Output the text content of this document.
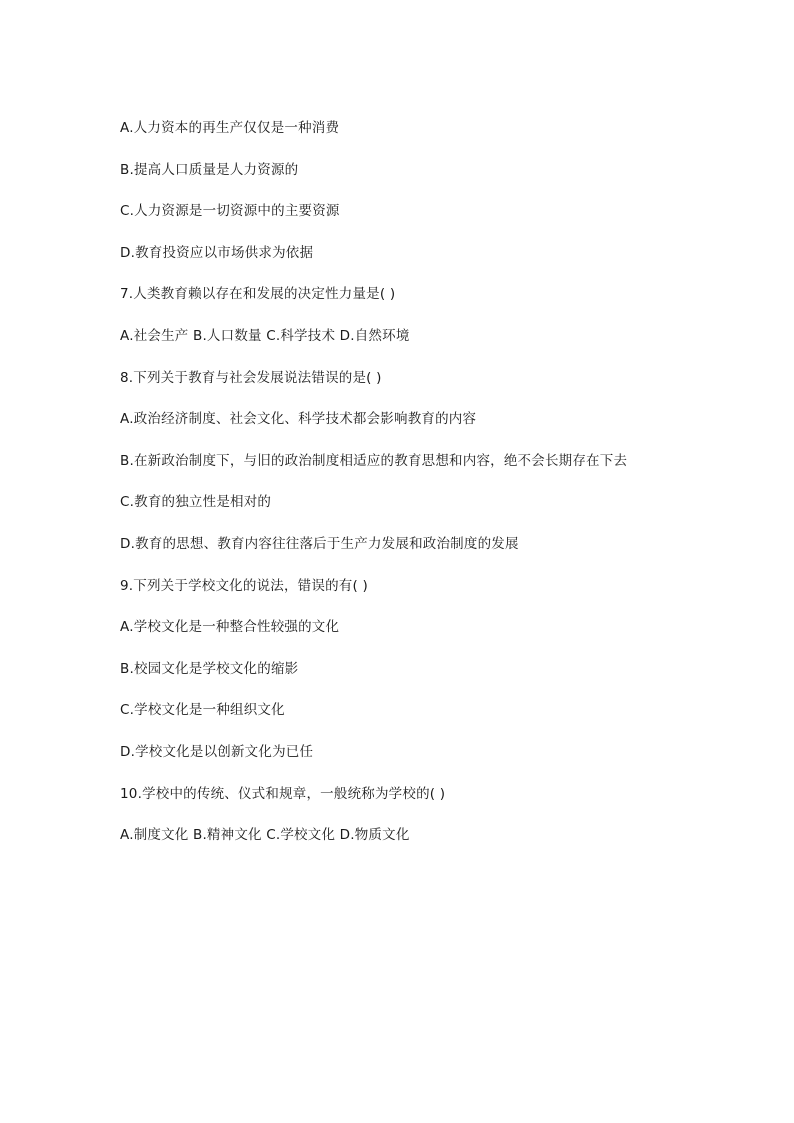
A.人力资本的再生产仅仅是一种消费
B.提高人口质量是人力资源的
C.人力资源是一切资源中的主要资源
D.教育投资应以市场供求为依据
7.人类教育赖以存在和发展的决定性力量是( )
A.社会生产 B.人口数量 C.科学技术 D.自然环境
8.下列关于教育与社会发展说法错误的是( )
A.政治经济制度、社会文化、科学技术都会影响教育的内容
B.在新政治制度下，与旧的政治制度相适应的教育思想和内容，绝不会长期存在下去
C.教育的独立性是相对的
D.教育的思想、教育内容往往落后于生产力发展和政治制度的发展
9.下列关于学校文化的说法，错误的有( )
A.学校文化是一种整合性较强的文化
B.校园文化是学校文化的缩影
C.学校文化是一种组织文化
D.学校文化是以创新文化为已任
10.学校中的传统、仪式和规章，一般统称为学校的( )
A.制度文化 B.精神文化 C.学校文化 D.物质文化
